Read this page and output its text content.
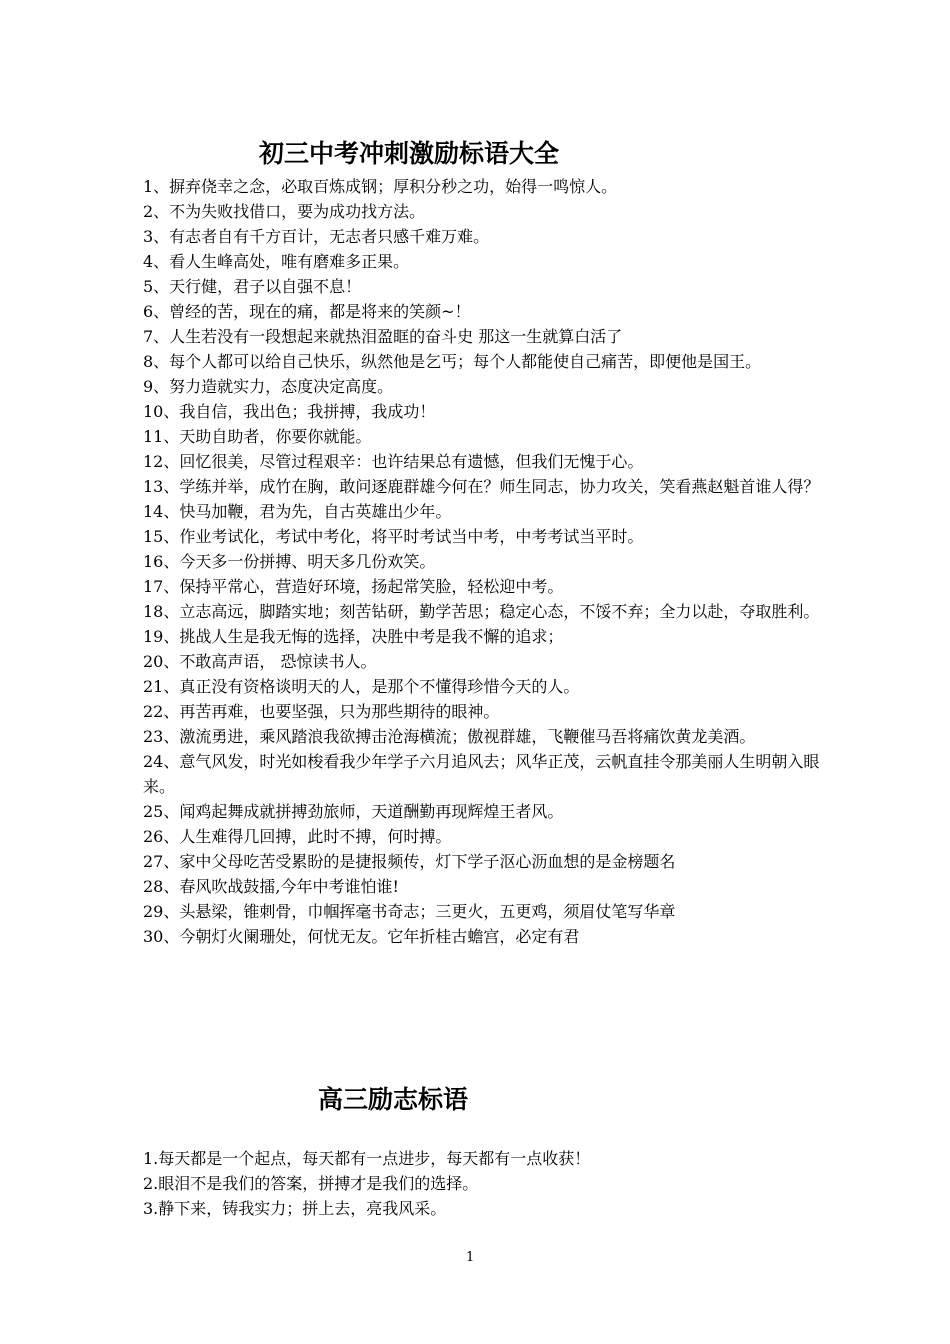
初三中考冲刺激励标语大全
1、摒弃侥幸之念，必取百炼成钢；厚积分秒之功，始得一鸣惊人。
2、不为失败找借口，要为成功找方法。
3、有志者自有千方百计，无志者只感千难万难。
4、看人生峰高处，唯有磨难多正果。
5、天行健，君子以自强不息！
6、曾经的苦，现在的痛，都是将来的笑颜~！
7、人生若没有一段想起来就热泪盈眶的奋斗史 那这一生就算白活了
8、每个人都可以给自己快乐，纵然他是乞丐；每个人都能使自己痛苦，即便他是国王。
9、努力造就实力，态度决定高度。
10、我自信，我出色；我拼搏，我成功！
11、天助自助者，你要你就能。
12、回忆很美，尽管过程艰辛：也许结果总有遗憾，但我们无愧于心。
13、学练并举，成竹在胸，敢问逐鹿群雄今何在？师生同志，协力攻关，笑看燕赵魁首谁人得？
14、快马加鞭，君为先，自古英雄出少年。
15、作业考试化，考试中考化，将平时考试当中考，中考考试当平时。
16、今天多一份拼搏、明天多几份欢笑。
17、保持平常心，营造好环境，扬起常笑脸，轻松迎中考。
18、立志高远，脚踏实地；刻苦钻研，勤学苦思；稳定心态，不馁不弃；全力以赴，夺取胜利。
19、挑战人生是我无悔的选择，决胜中考是我不懈的追求；
20、不敢高声语， 恐惊读书人。
21、真正没有资格谈明天的人，是那个不懂得珍惜今天的人。
22、再苦再难，也要坚强，只为那些期待的眼神。
23、激流勇进，乘风踏浪我欲搏击沧海横流；傲视群雄，飞鞭催马吾将痛饮黄龙美酒。
24、意气风发，时光如梭看我少年学子六月追风去；风华正茂，云帆直挂令那美丽人生明朝入眼来。
25、闻鸡起舞成就拼搏劲旅师，天道酬勤再现辉煌王者风。
26、人生难得几回搏，此时不搏，何时搏。
27、家中父母吃苦受累盼的是捷报频传，灯下学子沤心沥血想的是金榜题名
28、春风吹战鼓擂,今年中考谁怕谁!
29、头悬梁，锥刺骨，巾帼挥毫书奇志；三更火，五更鸡，须眉仗笔写华章
30、今朝灯火阑珊处，何忧无友。它年折桂古蟾宫，必定有君
高三励志标语
1.每天都是一个起点，每天都有一点进步，每天都有一点收获！
2.眼泪不是我们的答案，拼搏才是我们的选择。
3.静下来，铸我实力；拼上去，亮我风采。
1
